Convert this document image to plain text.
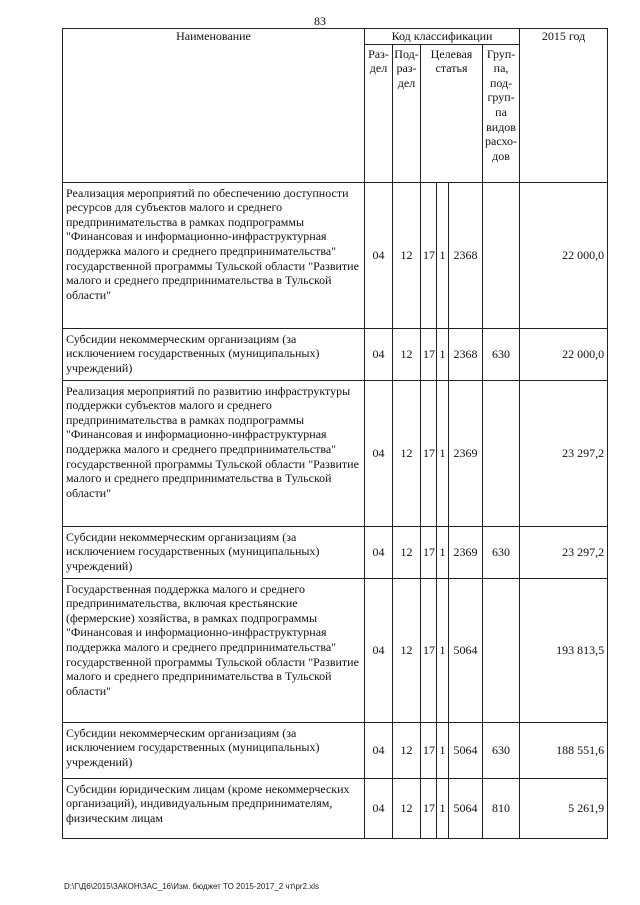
83
Наименование	Код классификации						2015 год
	Раз-дел	Под-раз-дел	Целевая статья			Груп-па, под-груп-па видов расхо-дов	
Реализация мероприятий по обеспечению доступности ресурсов для субъектов малого и среднего предпринимательства в рамках подпрограммы "Финансовая и информационно-инфраструктурная поддержка малого и среднего предпринимательства" государственной программы Тульской области "Развитие малого и среднего предпринимательства в Тульской области"	04	12	17	1	2368		22 000,0
Субсидии некоммерческим организациям (за исключением государственных (муниципальных) учреждений)	04	12	17	1	2368	630	22 000,0
Реализация мероприятий по развитию инфраструктуры поддержки субъектов малого и среднего предпринимательства в рамках подпрограммы "Финансовая и информационно-инфраструктурная поддержка малого и среднего предпринимательства" государственной программы Тульской области "Развитие малого и среднего предпринимательства в Тульской области"	04	12	17	1	2369		23 297,2
Субсидии некоммерческим организациям (за исключением государственных (муниципальных) учреждений)	04	12	17	1	2369	630	23 297,2
Государственная поддержка малого и среднего предпринимательства, включая крестьянские (фермерские) хозяйства, в рамках подпрограммы "Финансовая и информационно-инфраструктурная поддержка малого и среднего предпринимательства" государственной программы Тульской области "Развитие малого и среднего предпринимательства в Тульской области"	04	12	17	1	5064		193 813,5
Субсидии некоммерческим организациям (за исключением государственных (муниципальных) учреждений)	04	12	17	1	5064	630	188 551,6
Субсидии юридическим лицам (кроме некоммерческих организаций), индивидуальным предпринимателям, физическим лицам	04	12	17	1	5064	810	5 261,9
D:\Г\Д6\2015\ЗАКОН\ЗАС_16\Изм. бюджет ТО 2015-2017_2 чт\pr2.xls
